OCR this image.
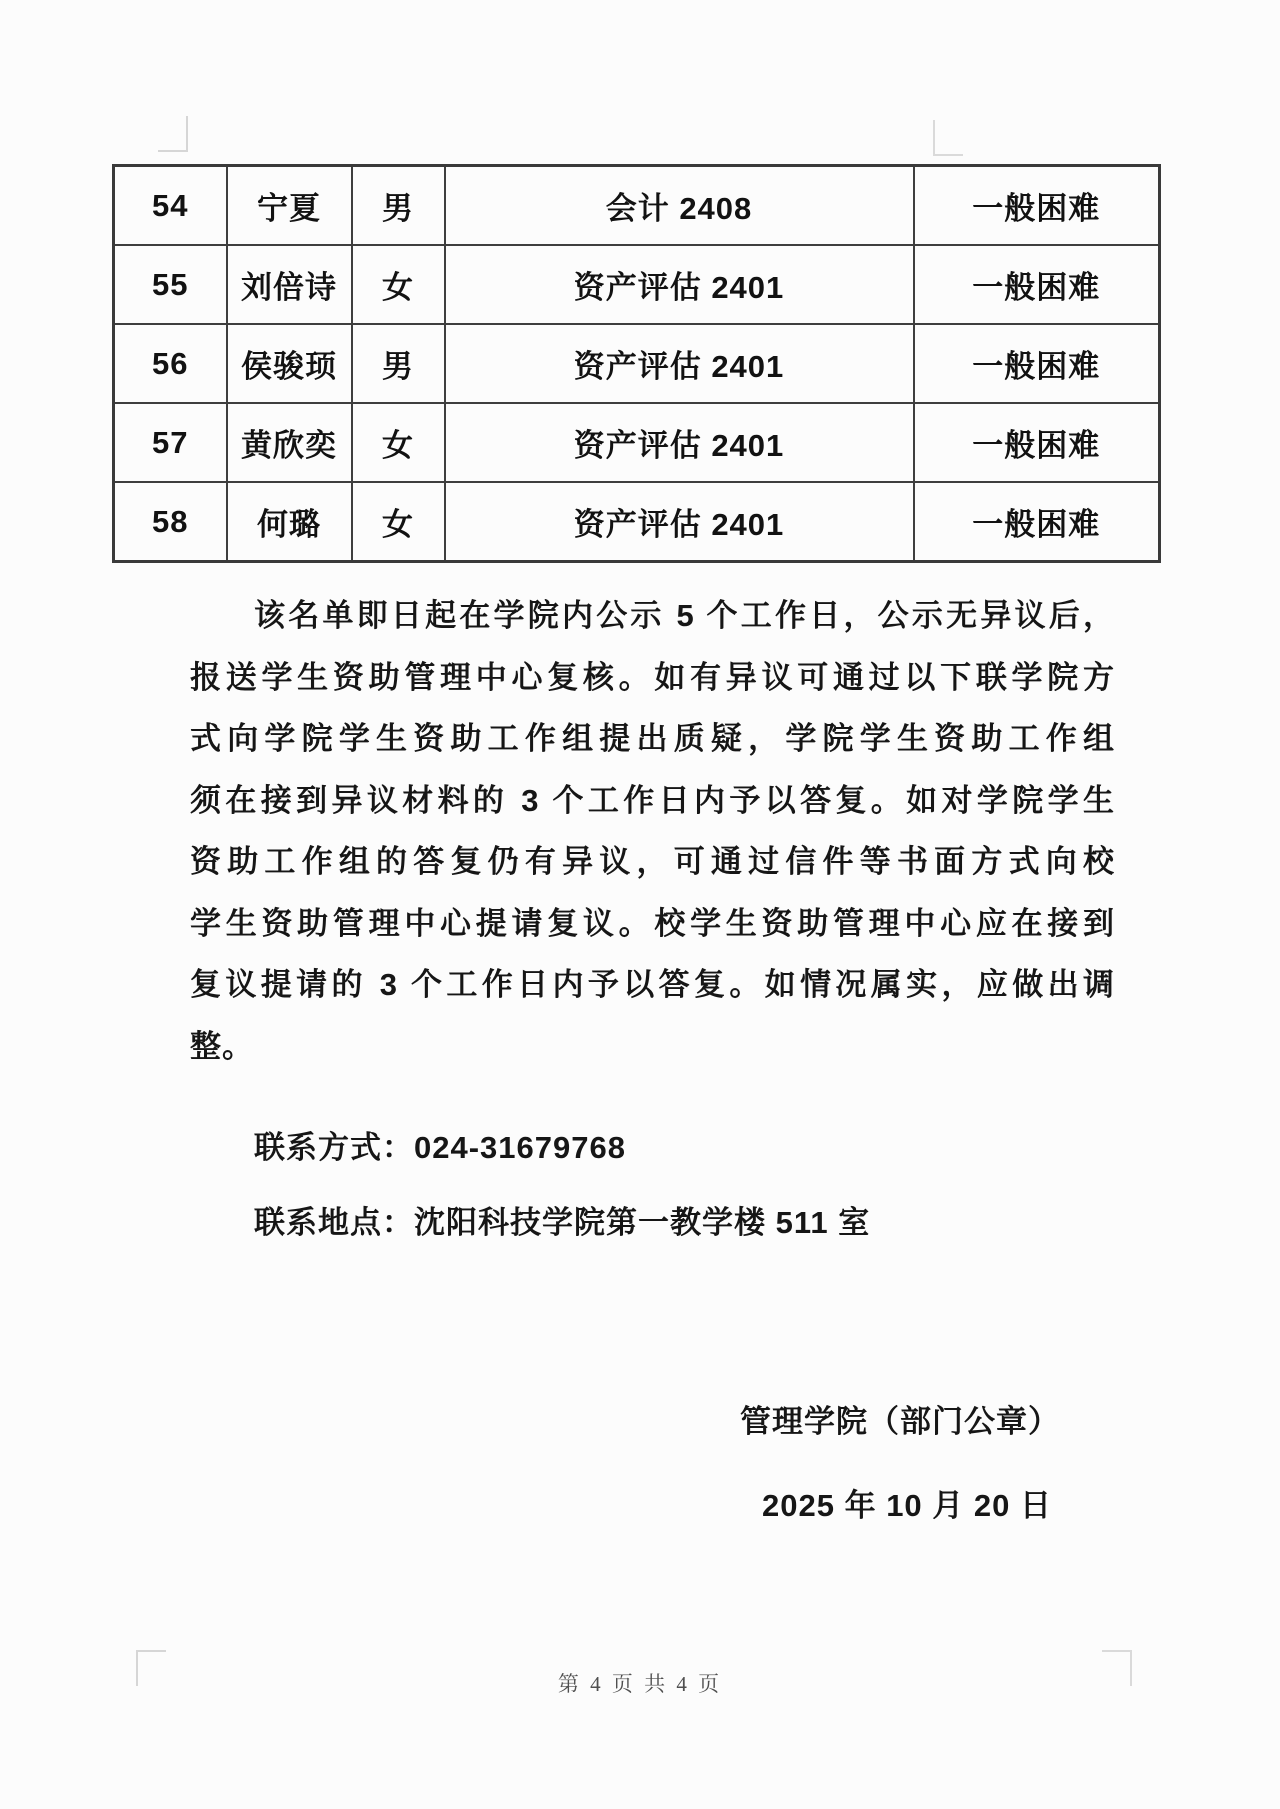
54	宁夏	男	会计 2408	一般困难
55	刘倍诗	女	资产评估 2401	一般困难
56	侯骏顼	男	资产评估 2401	一般困难
57	黄欣奕	女	资产评估 2401	一般困难
58	何璐	女	资产评估 2401	一般困难
该名单即日起在学院内公示 5 个工作日，公示无异议后，
报送学生资助管理中心复核。如有异议可通过以下联学院方
式向学院学生资助工作组提出质疑，学院学生资助工作组
须在接到异议材料的 3 个工作日内予以答复。如对学院学生
资助工作组的答复仍有异议，可通过信件等书面方式向校
学生资助管理中心提请复议。校学生资助管理中心应在接到
复议提请的 3 个工作日内予以答复。如情况属实，应做出调
整。
联系方式：024-31679768
联系地点：沈阳科技学院第一教学楼 511 室
管理学院（部门公章）
2025 年 10 月 20 日
第 4 页 共 4 页
